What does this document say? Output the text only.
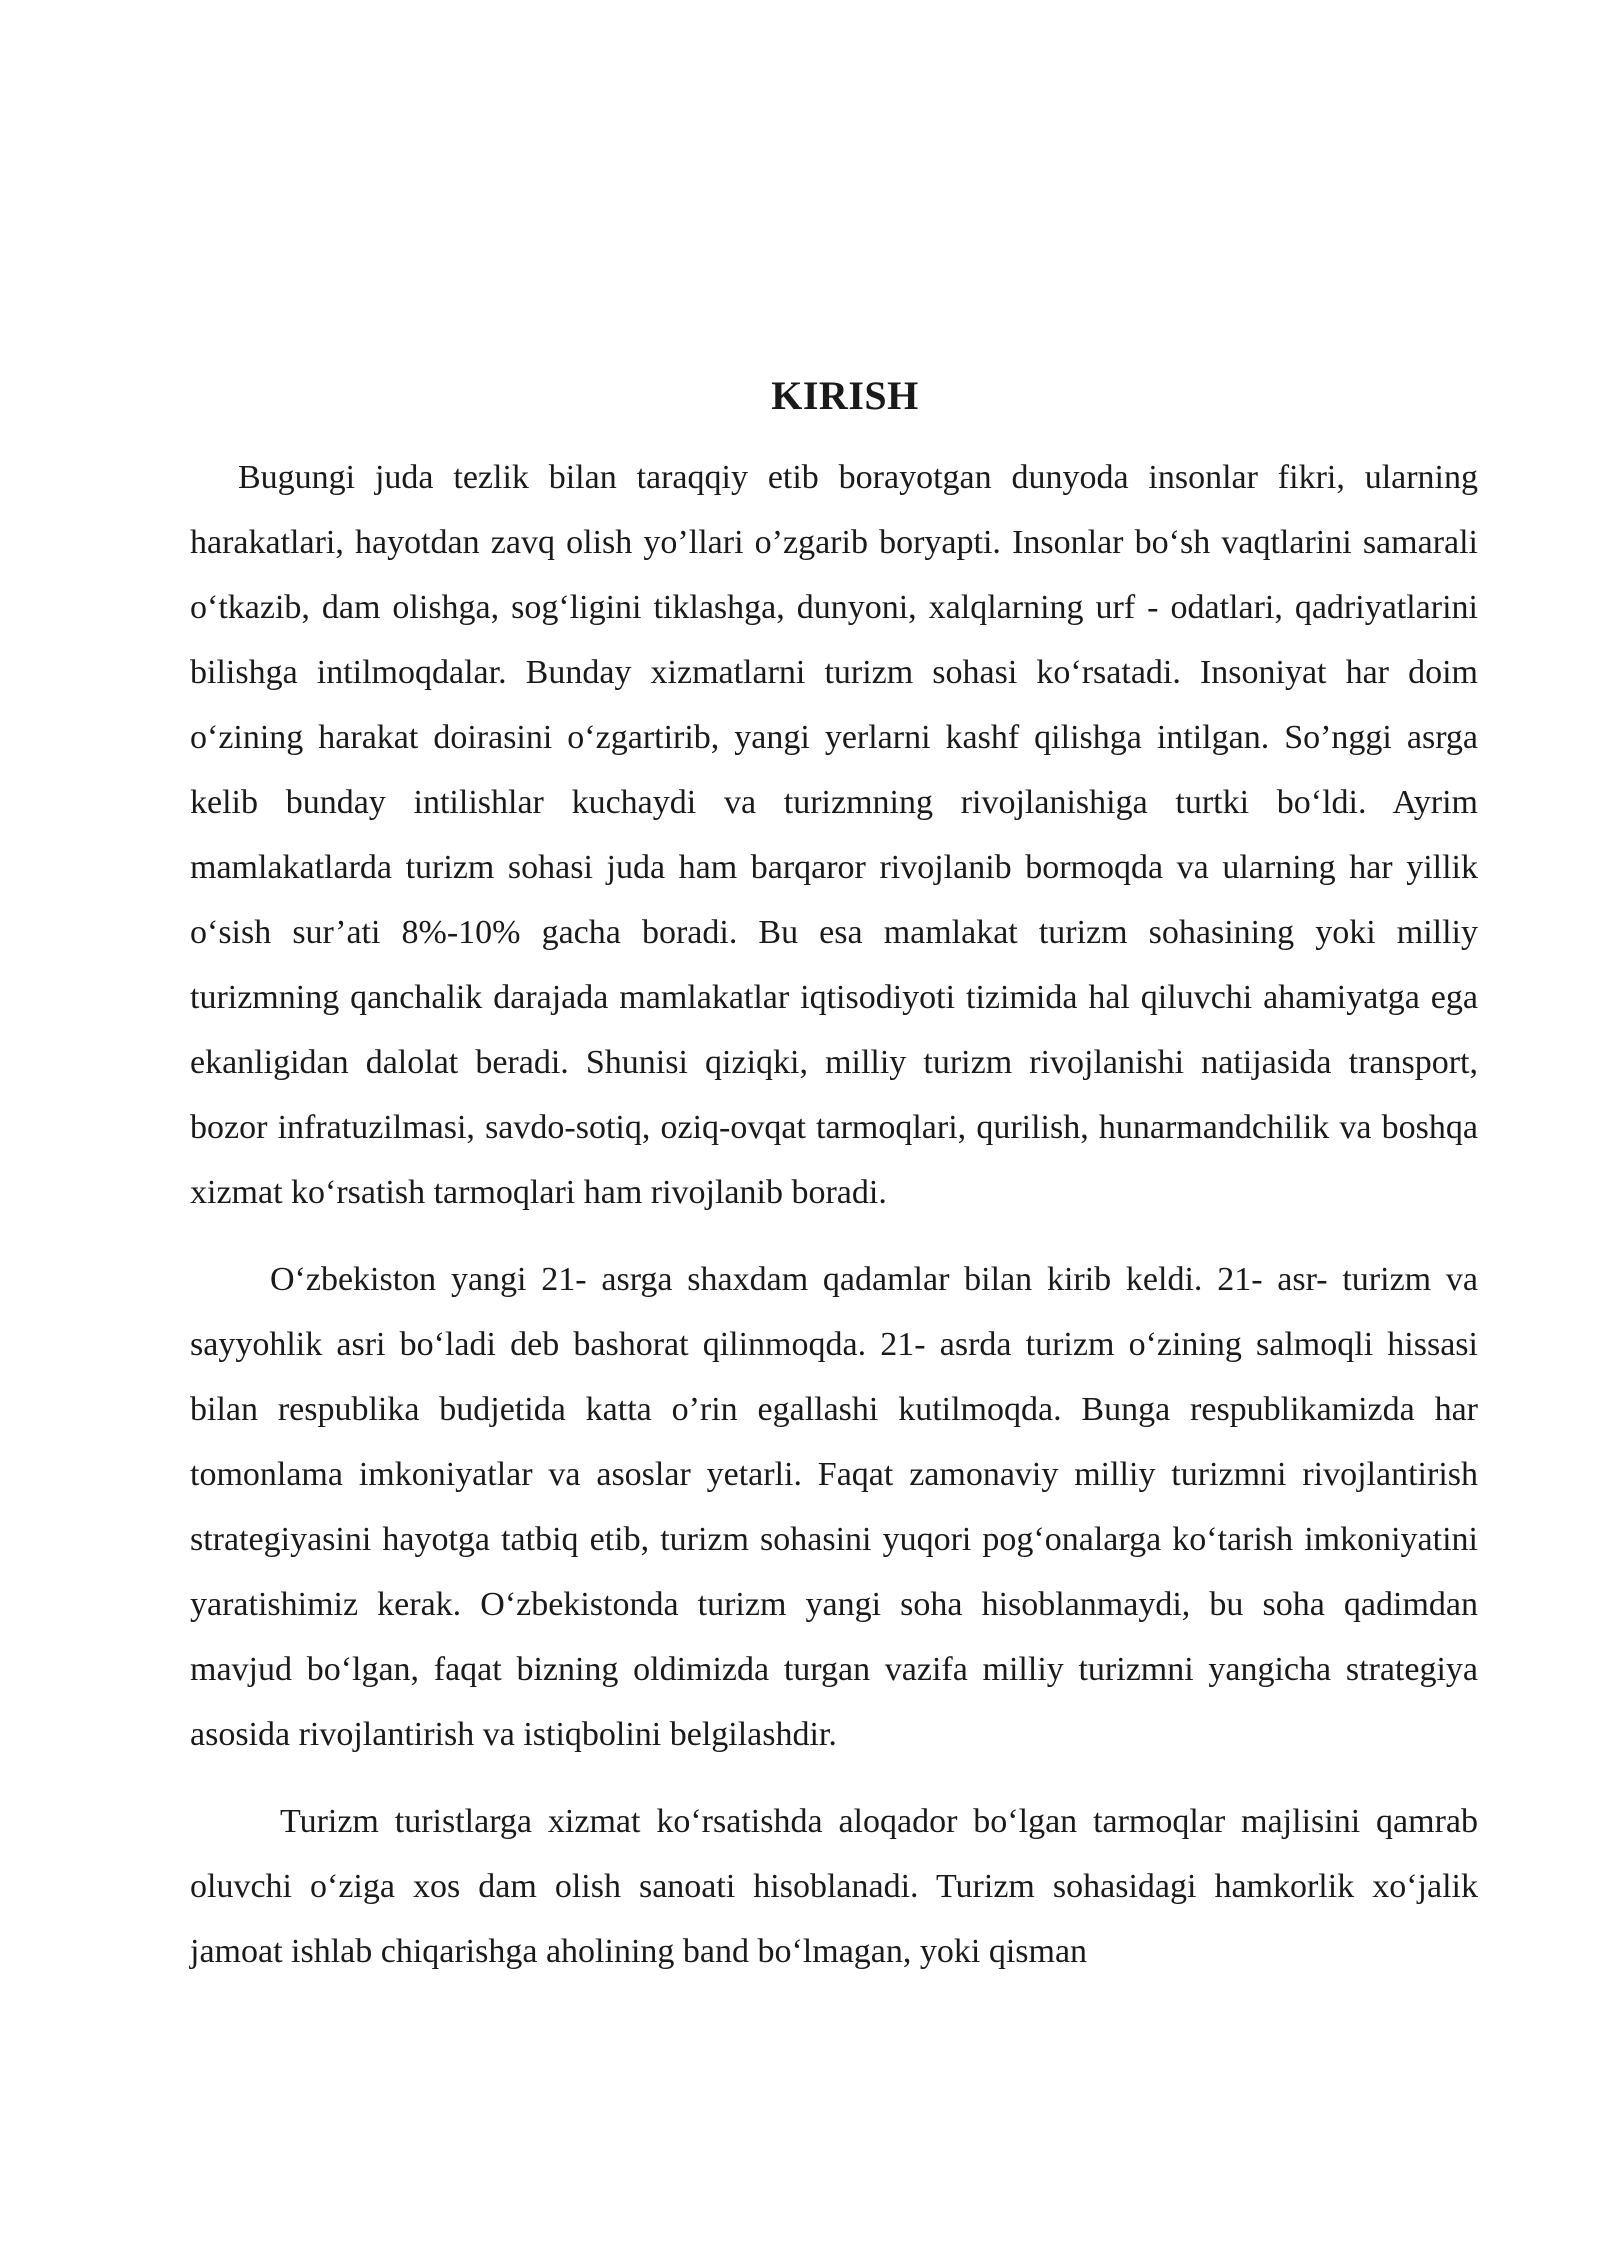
KIRISH

Bugungi juda tezlik bilan taraqqiy etib borayotgan dunyoda insonlar fikri, ularning harakatlari, hayotdan zavq olish yo’llari o’zgarib boryapti. Insonlar bo‘sh vaqtlarini samarali o‘tkazib, dam olishga, sog‘ligini tiklashga, dunyoni, xalqlarning urf - odatlari, qadriyatlarini bilishga intilmoqdalar. Bunday xizmatlarni turizm sohasi ko‘rsatadi. Insoniyat har doim o‘zining harakat doirasini o‘zgartirib, yangi yerlarni kashf qilishga intilgan. So’nggi asrga kelib bunday intilishlar kuchaydi va turizmning rivojlanishiga turtki bo‘ldi. Ayrim mamlakatlarda turizm sohasi juda ham barqaror rivojlanib bormoqda va ularning har yillik o‘sish sur’ati 8%-10% gacha boradi. Bu esa mamlakat turizm sohasining yoki milliy turizmning qanchalik darajada mamlakatlar iqtisodiyoti tizimida hal qiluvchi ahamiyatga ega ekanligidan dalolat beradi. Shunisi qiziqki, milliy turizm rivojlanishi natijasida transport, bozor infratuzilmasi, savdo-sotiq, oziq-ovqat tarmoqlari, qurilish, hunarmandchilik va boshqa xizmat ko‘rsatish tarmoqlari ham rivojlanib boradi.

O‘zbekiston yangi 21- asrga shaxdam qadamlar bilan kirib keldi. 21- asr- turizm va sayyohlik asri bo‘ladi deb bashorat qilinmoqda. 21- asrda turizm o‘zining salmoqli hissasi bilan respublika budjetida katta o’rin egallashi kutilmoqda. Bunga respublikamizda har tomonlama imkoniyatlar va asoslar yetarli. Faqat zamonaviy milliy turizmni rivojlantirish strategiyasini hayotga tatbiq etib, turizm sohasini yuqori pog‘onalarga ko‘tarish imkoniyatini yaratishimiz kerak. O‘zbekistonda turizm yangi soha hisoblanmaydi, bu soha qadimdan mavjud bo‘lgan, faqat bizning oldimizda turgan vazifa milliy turizmni yangicha strategiya asosida rivojlantirish va istiqbolini belgilashdir.

Turizm turistlarga xizmat ko‘rsatishda aloqador bo‘lgan tarmoqlar majlisini qamrab oluvchi o‘ziga xos dam olish sanoati hisoblanadi. Turizm sohasidagi hamkorlik xo‘jalik jamoat ishlab chiqarishga aholining band bo‘lmagan, yoki qisman
